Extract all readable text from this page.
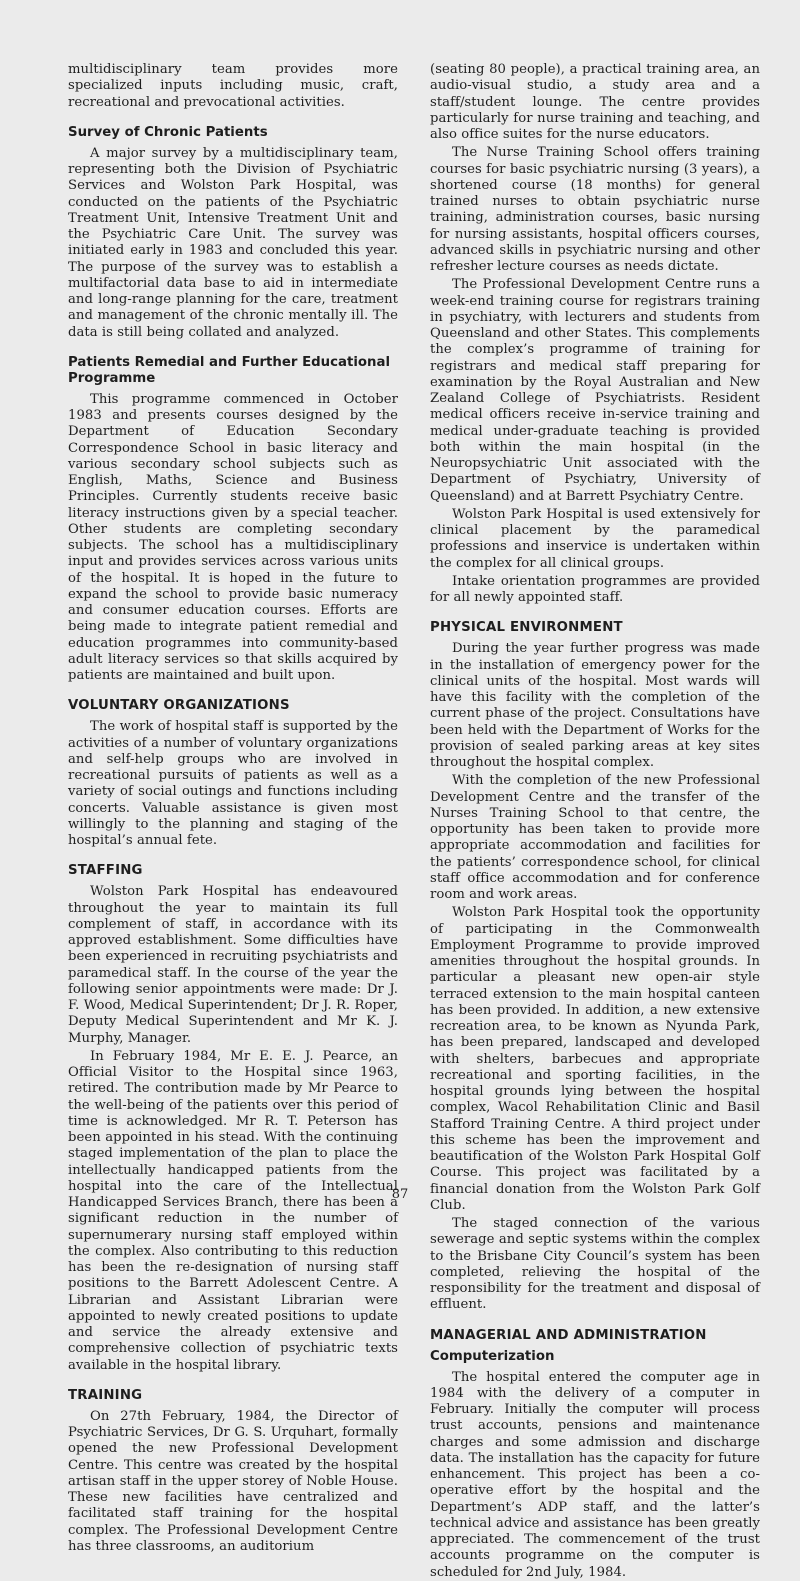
multidisciplinary team provides more specialized inputs including music, craft, recreational and prevocational activities.

Survey of Chronic Patients

A major survey by a multidisciplinary team, representing both the Division of Psychiatric Services and Wolston Park Hospital, was conducted on the patients of the Psychiatric Treatment Unit, Intensive Treatment Unit and the Psychiatric Care Unit. The survey was initiated early in 1983 and concluded this year. The purpose of the survey was to establish a multifactorial data base to aid in intermediate and long-range planning for the care, treatment and management of the chronic mentally ill. The data is still being collated and analyzed.

Patients Remedial and Further Educational Programme

This programme commenced in October 1983 and presents courses designed by the Department of Education Secondary Correspondence School in basic literacy and various secondary school subjects such as English, Maths, Science and Business Principles. Currently students receive basic literacy instructions given by a special teacher. Other students are completing secondary subjects. The school has a multidisciplinary input and provides services across various units of the hospital. It is hoped in the future to expand the school to provide basic numeracy and consumer education courses. Efforts are being made to integrate patient remedial and education programmes into community-based adult literacy services so that skills acquired by patients are maintained and built upon.

VOLUNTARY ORGANIZATIONS

The work of hospital staff is supported by the activities of a number of voluntary organizations and self-help groups who are involved in recreational pursuits of patients as well as a variety of social outings and functions including concerts. Valuable assistance is given most willingly to the planning and staging of the hospital’s annual fete.

STAFFING

Wolston Park Hospital has endeavoured throughout the year to maintain its full complement of staff, in accordance with its approved establishment. Some difficulties have been experienced in recruiting psychiatrists and paramedical staff. In the course of the year the following senior appointments were made: Dr J. F. Wood, Medical Superintendent; Dr J. R. Roper, Deputy Medical Superintendent and Mr K. J. Murphy, Manager.

In February 1984, Mr E. E. J. Pearce, an Official Visitor to the Hospital since 1963, retired. The contribution made by Mr Pearce to the well-being of the patients over this period of time is acknowledged. Mr R. T. Peterson has been appointed in his stead. With the continuing staged implementation of the plan to place the intellectually handicapped patients from the hospital into the care of the Intellectual Handicapped Services Branch, there has been a significant reduction in the number of supernumerary nursing staff employed within the complex. Also contributing to this reduction has been the re-designation of nursing staff positions to the Barrett Adolescent Centre. A Librarian and Assistant Librarian were appointed to newly created positions to update and service the already extensive and comprehensive collection of psychiatric texts available in the hospital library.

TRAINING

On 27th February, 1984, the Director of Psychiatric Services, Dr G. S. Urquhart, formally opened the new Professional Development Centre. This centre was created by the hospital artisan staff in the upper storey of Noble House. These new facilities have centralized and facilitated staff training for the hospital complex. The Professional Development Centre has three classrooms, an auditorium

(seating 80 people), a practical training area, an audio-visual studio, a study area and a staff/student lounge. The centre provides particularly for nurse training and teaching, and also office suites for the nurse educators.

The Nurse Training School offers training courses for basic psychiatric nursing (3 years), a shortened course (18 months) for general trained nurses to obtain psychiatric nurse training, administration courses, basic nursing for nursing assistants, hospital officers courses, advanced skills in psychiatric nursing and other refresher lecture courses as needs dictate.

The Professional Development Centre runs a week-end training course for registrars training in psychiatry, with lecturers and students from Queensland and other States. This complements the complex’s programme of training for registrars and medical staff preparing for examination by the Royal Australian and New Zealand College of Psychiatrists. Resident medical officers receive in-service training and medical under-graduate teaching is provided both within the main hospital (in the Neuropsychiatric Unit associated with the Department of Psychiatry, University of Queensland) and at Barrett Psychiatry Centre.

Wolston Park Hospital is used extensively for clinical placement by the paramedical professions and inservice is undertaken within the complex for all clinical groups.

Intake orientation programmes are provided for all newly appointed staff.

PHYSICAL ENVIRONMENT

During the year further progress was made in the installation of emergency power for the clinical units of the hospital. Most wards will have this facility with the completion of the current phase of the project. Consultations have been held with the Department of Works for the provision of sealed parking areas at key sites throughout the hospital complex.

With the completion of the new Professional Development Centre and the transfer of the Nurses Training School to that centre, the opportunity has been taken to provide more appropriate accommodation and facilities for the patients’ correspondence school, for clinical staff office accommodation and for conference room and work areas.

Wolston Park Hospital took the opportunity of participating in the Commonwealth Employment Programme to provide improved amenities throughout the hospital grounds. In particular a pleasant new open-air style terraced extension to the main hospital canteen has been provided. In addition, a new extensive recreation area, to be known as Nyunda Park, has been prepared, landscaped and developed with shelters, barbecues and appropriate recreational and sporting facilities, in the hospital grounds lying between the hospital complex, Wacol Rehabilitation Clinic and Basil Stafford Training Centre. A third project under this scheme has been the improvement and beautification of the Wolston Park Hospital Golf Course. This project was facilitated by a financial donation from the Wolston Park Golf Club.

The staged connection of the various sewerage and septic systems within the complex to the Brisbane City Council’s system has been completed, relieving the hospital of the responsibility for the treatment and disposal of effluent.

MANAGERIAL AND ADMINISTRATION
Computerization

The hospital entered the computer age in 1984 with the delivery of a computer in February. Initially the computer will process trust accounts, pensions and maintenance charges and some admission and discharge data. The installation has the capacity for future enhancement. This project has been a co-operative effort by the hospital and the Department’s ADP staff, and the latter’s technical advice and assistance has been greatly appreciated. The commencement of the trust accounts programme on the computer is scheduled for 2nd July, 1984.

87
